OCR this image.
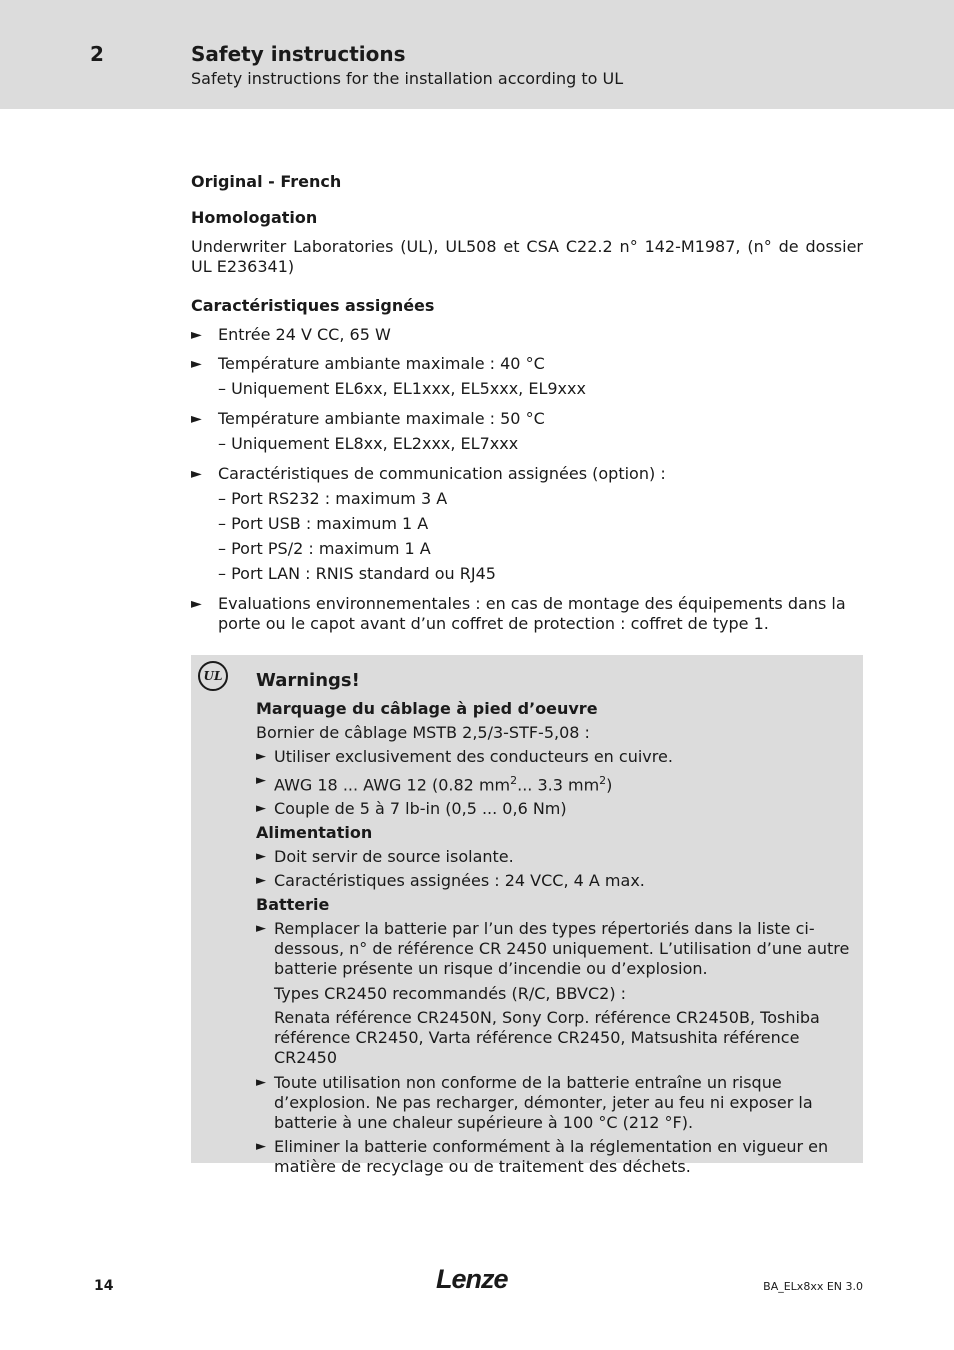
2	Safety instructions
Safety instructions for the installation according to UL

Original - French

Homologation

Underwriter Laboratories (UL), UL508 et CSA C22.2 n° 142-M1987, (n° de dossier UL E236341)

Caractéristiques assignées

► Entrée 24 V CC, 65 W
► Température ambiante maximale : 40 °C

– Uniquement EL6xx, EL1xxx, EL5xxx, EL9xxx

► Température ambiante maximale : 50 °C

– Uniquement EL8xx, EL2xxx, EL7xxx

► Caractéristiques de communication assignées (option) :

– Port RS232 : maximum 3 A

– Port USB : maximum 1 A

– Port PS/2 : maximum 1 A

– Port LAN : RNIS standard ou RJ45

► Evaluations environnementales : en cas de montage des équipements dans la porte ou le capot avant d’un coffret de protection : coffret de type 1.
UL	Warnings!

Marquage du câblage à pied d’oeuvre

Bornier de câblage MSTB 2,5/3-STF-5,08 :

► Utiliser exclusivement des conducteurs en cuivre.
► AWG 18 ... AWG 12 (0.82 $mm^2$... 3.3 $mm^2$)
► Couple de 5 à 7 lb-in (0,5 ... 0,6 Nm)

Alimentation

► Doit servir de source isolante.
► Caractéristiques assignées : 24 VCC, 4 A max.

Batterie

► Remplacer la batterie par l’un des types répertoriés dans la liste ci-dessous, n° de référence CR 2450 uniquement. L’utilisation d’une autre batterie présente un risque d’incendie ou d’explosion.

Types CR2450 recommandés (R/C, BBVC2) :

Renata référence CR2450N, Sony Corp. référence CR2450B, Toshiba référence CR2450, Varta référence CR2450, Matsushita référence CR2450

► Toute utilisation non conforme de la batterie entraîne un risque d’explosion. Ne pas recharger, démonter, jeter au feu ni exposer la batterie à une chaleur supérieure à 100 °C (212 °F).
► Eliminer la batterie conformément à la réglementation en vigueur en matière de recyclage ou de traitement des déchets.
14	Lenze	BA_ELx8xx EN 3.0
